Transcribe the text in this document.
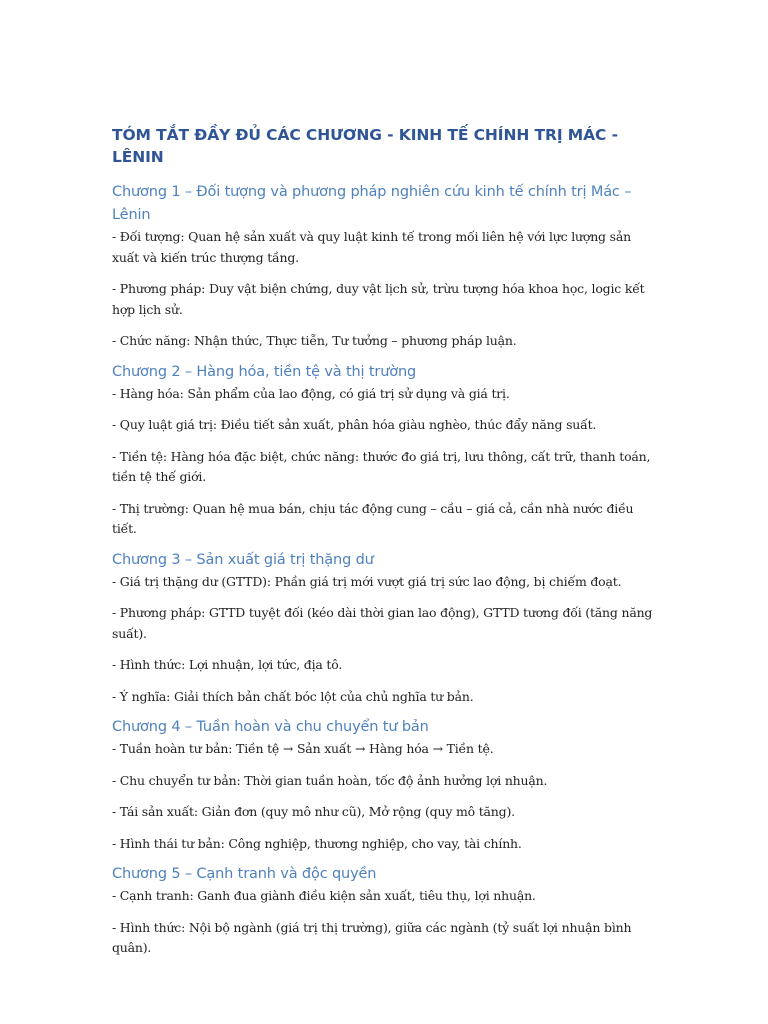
TÓM TẮT ĐẦY ĐỦ CÁC CHƯƠNG - KINH TẾ CHÍNH TRỊ MÁC - LÊNIN
Chương 1 – Đối tượng và phương pháp nghiên cứu kinh tế chính trị Mác – Lênin

- Đối tượng: Quan hệ sản xuất và quy luật kinh tế trong mối liên hệ với lực lượng sản xuất và kiến trúc thượng tầng.

- Phương pháp: Duy vật biện chứng, duy vật lịch sử, trừu tượng hóa khoa học, logic kết hợp lịch sử.

- Chức năng: Nhận thức, Thực tiễn, Tư tưởng – phương pháp luận.

Chương 2 – Hàng hóa, tiền tệ và thị trường

- Hàng hóa: Sản phẩm của lao động, có giá trị sử dụng và giá trị.

- Quy luật giá trị: Điều tiết sản xuất, phân hóa giàu nghèo, thúc đẩy năng suất.

- Tiền tệ: Hàng hóa đặc biệt, chức năng: thước đo giá trị, lưu thông, cất trữ, thanh toán, tiền tệ thế giới.

- Thị trường: Quan hệ mua bán, chịu tác động cung – cầu – giá cả, cần nhà nước điều tiết.

Chương 3 – Sản xuất giá trị thặng dư

- Giá trị thặng dư (GTTD): Phần giá trị mới vượt giá trị sức lao động, bị chiếm đoạt.

- Phương pháp: GTTD tuyệt đối (kéo dài thời gian lao động), GTTD tương đối (tăng năng suất).

- Hình thức: Lợi nhuận, lợi tức, địa tô.

- Ý nghĩa: Giải thích bản chất bóc lột của chủ nghĩa tư bản.

Chương 4 – Tuần hoàn và chu chuyển tư bản

- Tuần hoàn tư bản: Tiền tệ → Sản xuất → Hàng hóa → Tiền tệ.

- Chu chuyển tư bản: Thời gian tuần hoàn, tốc độ ảnh hưởng lợi nhuận.

- Tái sản xuất: Giản đơn (quy mô như cũ), Mở rộng (quy mô tăng).

- Hình thái tư bản: Công nghiệp, thương nghiệp, cho vay, tài chính.

Chương 5 – Cạnh tranh và độc quyền

- Cạnh tranh: Ganh đua giành điều kiện sản xuất, tiêu thụ, lợi nhuận.

- Hình thức: Nội bộ ngành (giá trị thị trường), giữa các ngành (tỷ suất lợi nhuận bình quân).
